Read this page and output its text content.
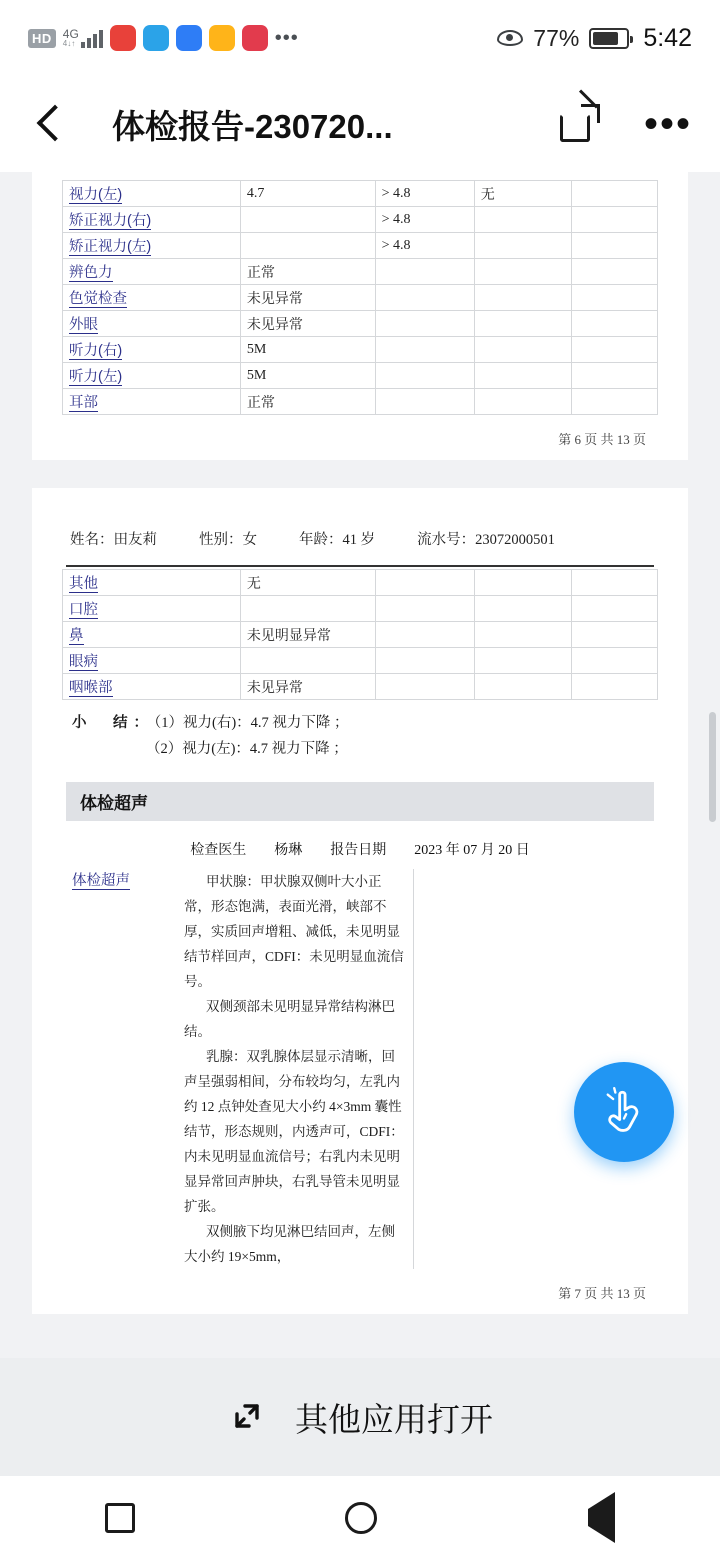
HD 4G
4↓↑	•••	77%	5:42
体检报告-230720...	•••
视力(左)	4.7	> 4.8	无	
矫正视力(右)		> 4.8		
矫正视力(左)		> 4.8		
辨色力	正常			
色觉检查	未见异常			
外眼	未见异常			
听力(右)	5M			
听力(左)	5M			
耳部	正常			
第 6 页 共 13 页
姓名：田友莉	性别：女	年龄：41 岁	流水号：23072000501
其他	无			
口腔				
鼻	未见明显异常			
眼病				
咽喉部	未见异常			
小　结：（1）视力(右)：4.7 视力下降 ；
（2）视力(左)：4.7 视力下降 ；
体检超声
检查医生 杨琳 报告日期 2023 年 07 月 20 日
体检超声	甲状腺：甲状腺双侧叶大小正常，形态饱满，表面光滑，峡部不厚，实质回声增粗、减低，未见明显结节样回声，CDFI：未见明显血流信号。

双侧颈部未见明显异常结构淋巴结。

乳腺：双乳腺体层显示清晰，回声呈强弱相间，分布较均匀，左乳内约 12 点钟处查见大小约 4×3mm 囊性结节，形态规则，内透声可，CDFI：内未见明显血流信号；右乳内未见明显异常回声肿块，右乳导管未见明显扩张。

双侧腋下均见淋巴结回声，左侧大小约 19×5mm，

第 7 页 共 13 页
其他应用打开
